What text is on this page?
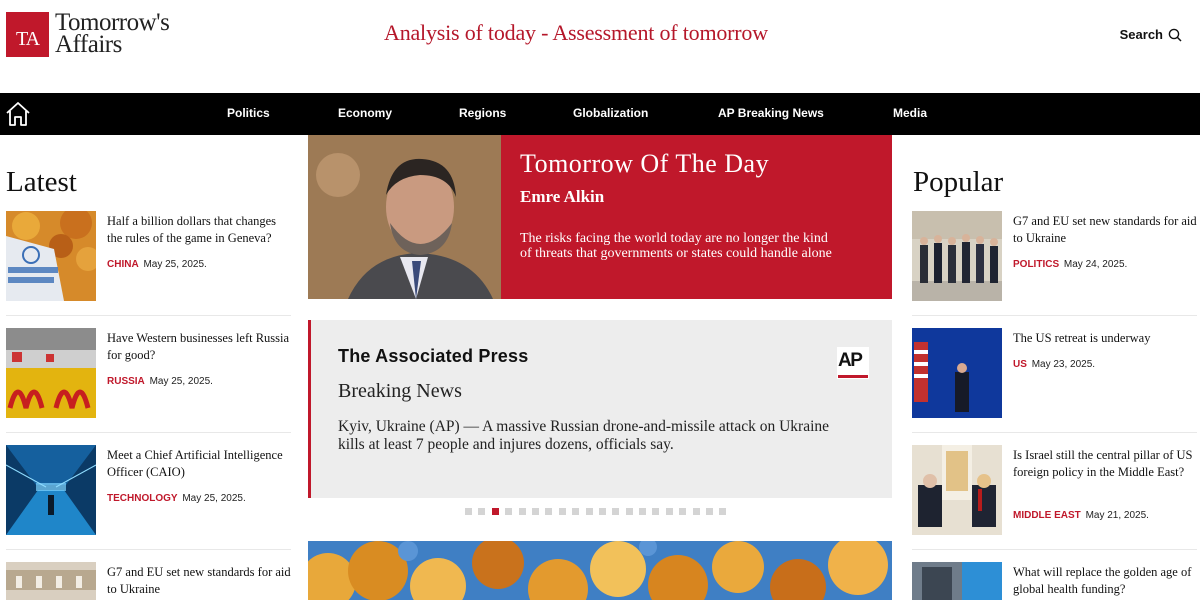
TA
Tomorrow's
Affairs	Analysis of today - Assessment of tomorrow	Search
Politics	Economy	Regions	Globalization	AP Breaking News	Media
Latest
Half a billion dollars that changes the rules of the game in Geneva?
CHINA May 25, 2025.
Have Western businesses left Russia for good?
RUSSIA May 25, 2025.
Meet a Chief Artificial Intelligence Officer (CAIO)
TECHNOLOGY May 25, 2025.
G7 and EU set new standards for aid to Ukraine
Tomorrow Of The Day
Emre Alkin
The risks facing the world today are no longer the kind of threats that governments or states could handle alone
The Associated Press
Breaking News
Kyiv, Ukraine (AP) — A massive Russian drone-and-missile attack on Ukraine kills at least 7 people and injures dozens, officials say.
AP
Popular
G7 and EU set new standards for aid to Ukraine
POLITICS May 24, 2025.
The US retreat is underway
US May 23, 2025.
Is Israel still the central pillar of US foreign policy in the Middle East?
MIDDLE EAST May 21, 2025.
What will replace the golden age of global health funding?
